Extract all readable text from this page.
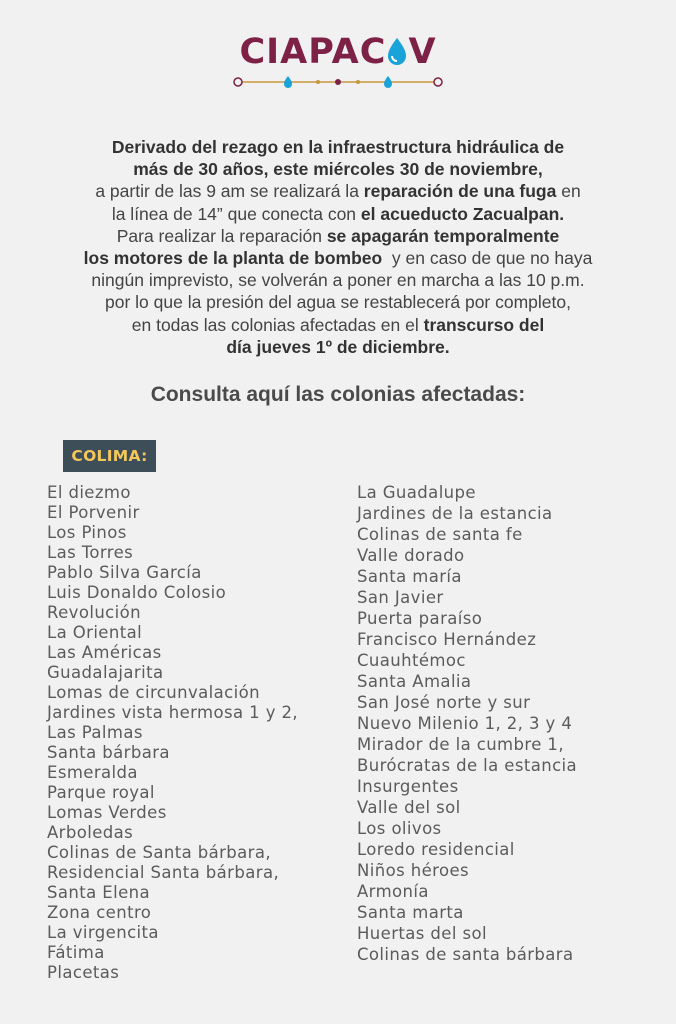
CIAPAC V
Derivado del rezago en la infraestructura hidráulica de
más de 30 años, este miércoles 30 de noviembre,
a partir de las 9 am se realizará la reparación de una fuga en
la línea de 14” que conecta con el acueducto Zacualpan.
Para realizar la reparación se apagarán temporalmente
los motores de la planta de bombeo  y en caso de que no haya
ningún imprevisto, se volverán a poner en marcha a las 10 p.m.
por lo que la presión del agua se restablecerá por completo,
en todas las colonias afectadas en el transcurso del
día jueves 1º de diciembre.
Consulta aquí las colonias afectadas:
COLIMA:
El diezmo
El Porvenir
Los Pinos
Las Torres
Pablo Silva García
Luis Donaldo Colosio
Revolución
La Oriental
Las Américas
Guadalajarita
Lomas de circunvalación
Jardines vista hermosa 1 y 2,
Las Palmas
Santa bárbara
Esmeralda
Parque royal
Lomas Verdes
Arboledas
Colinas de Santa bárbara,
Residencial Santa bárbara,
Santa Elena
Zona centro
La virgencita
Fátima
Placetas
La Guadalupe
Jardines de la estancia
Colinas de santa fe
Valle dorado
Santa maría
San Javier
Puerta paraíso
Francisco Hernández
Cuauhtémoc
Santa Amalia
San José norte y sur
Nuevo Milenio 1, 2, 3 y 4
Mirador de la cumbre 1,
Burócratas de la estancia
Insurgentes
Valle del sol
Los olivos
Loredo residencial
Niños héroes
Armonía
Santa marta
Huertas del sol
Colinas de santa bárbara
